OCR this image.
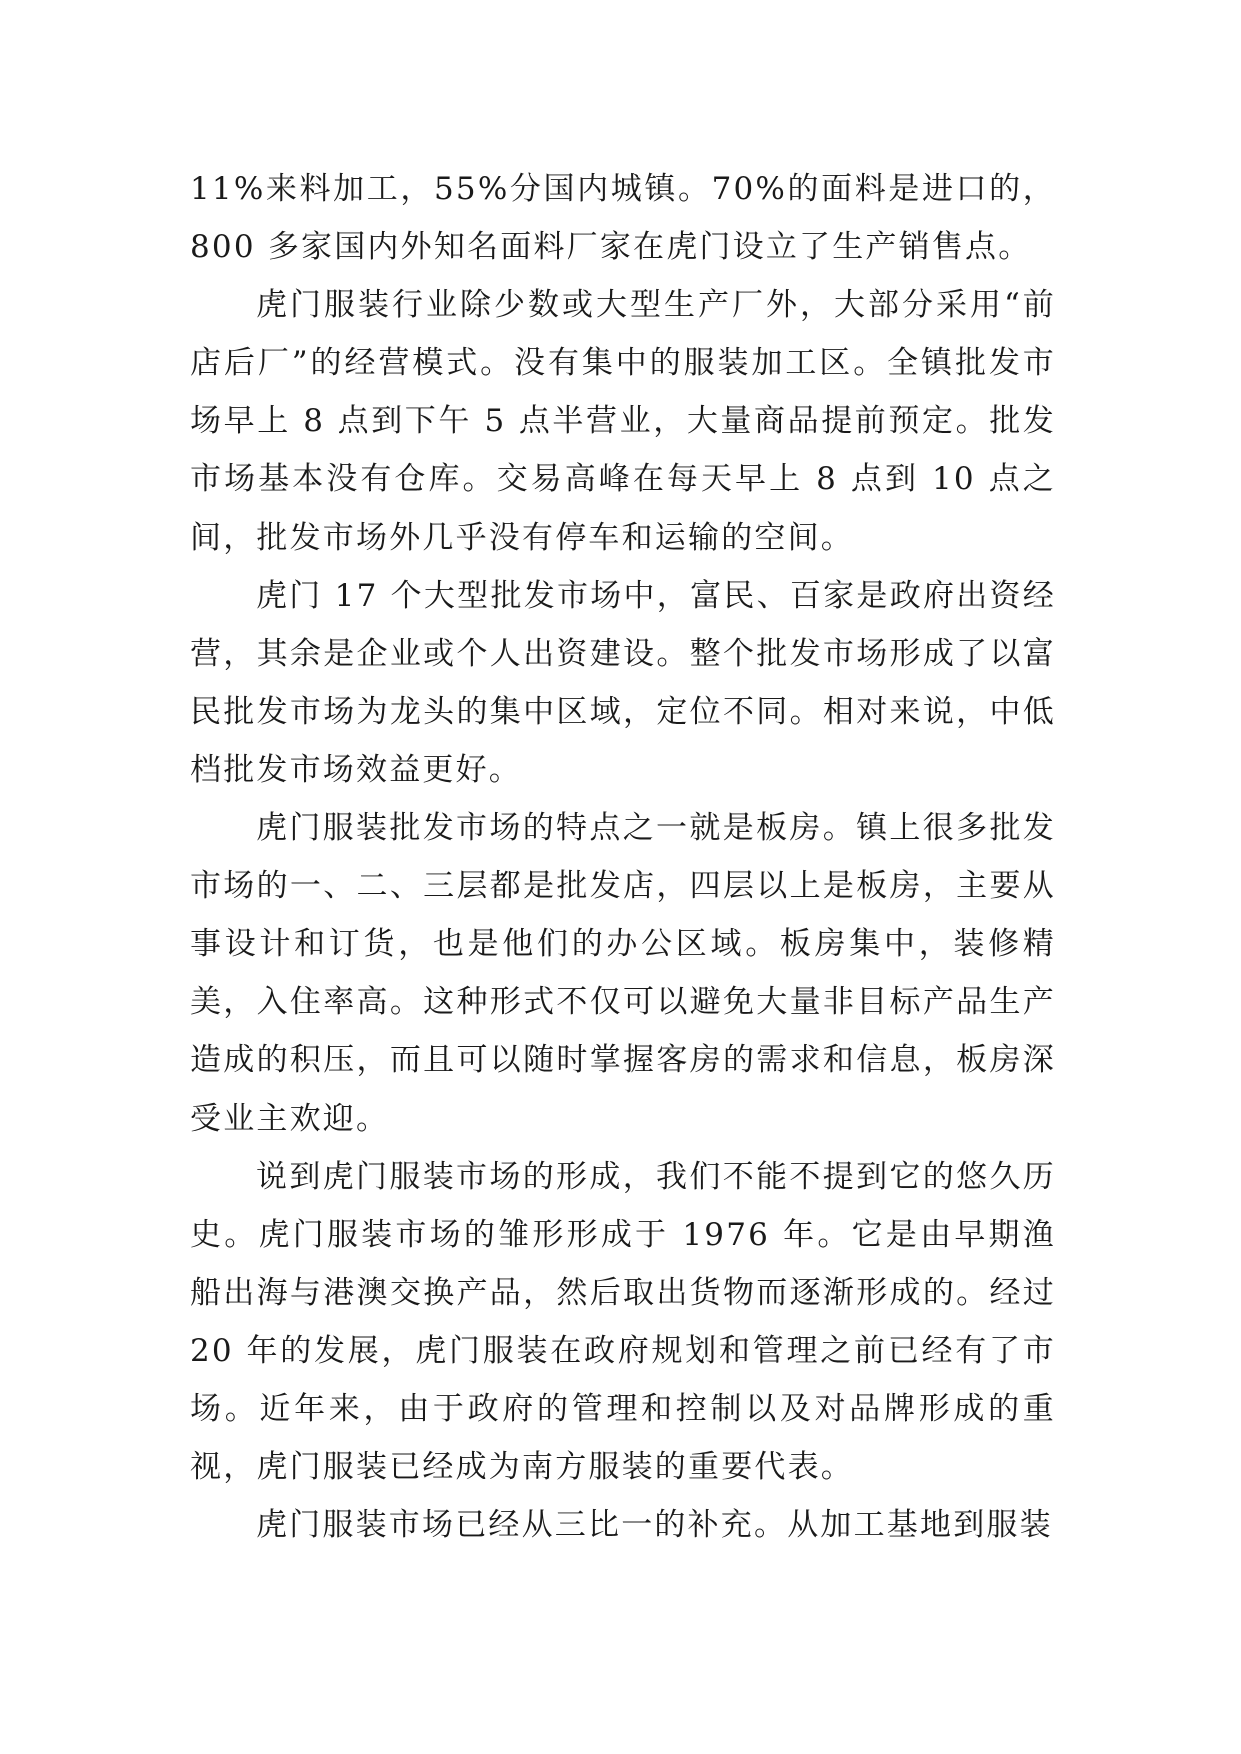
11%来料加工，55%分国内城镇。70%的面料是进口的，800 多家国内外知名面料厂家在虎门设立了生产销售点。

虎门服装行业除少数或大型生产厂外，大部分采用“前店后厂”的经营模式。没有集中的服装加工区。全镇批发市场早上 8 点到下午 5 点半营业，大量商品提前预定。批发市场基本没有仓库。交易高峰在每天早上 8 点到 10 点之间，批发市场外几乎没有停车和运输的空间。

虎门 17 个大型批发市场中，富民、百家是政府出资经营，其余是企业或个人出资建设。整个批发市场形成了以富民批发市场为龙头的集中区域，定位不同。相对来说，中低档批发市场效益更好。

虎门服装批发市场的特点之一就是板房。镇上很多批发市场的一、二、三层都是批发店，四层以上是板房，主要从事设计和订货，也是他们的办公区域。板房集中，装修精美，入住率高。这种形式不仅可以避免大量非目标产品生产造成的积压，而且可以随时掌握客房的需求和信息，板房深受业主欢迎。

说到虎门服装市场的形成，我们不能不提到它的悠久历史。虎门服装市场的雏形形成于 1976 年。它是由早期渔船出海与港澳交换产品，然后取出货物而逐渐形成的。经过 20 年的发展，虎门服装在政府规划和管理之前已经有了市场。近年来，由于政府的管理和控制以及对品牌形成的重视，虎门服装已经成为南方服装的重要代表。

虎门服装市场已经从三比一的补充。从加工基地到服装
